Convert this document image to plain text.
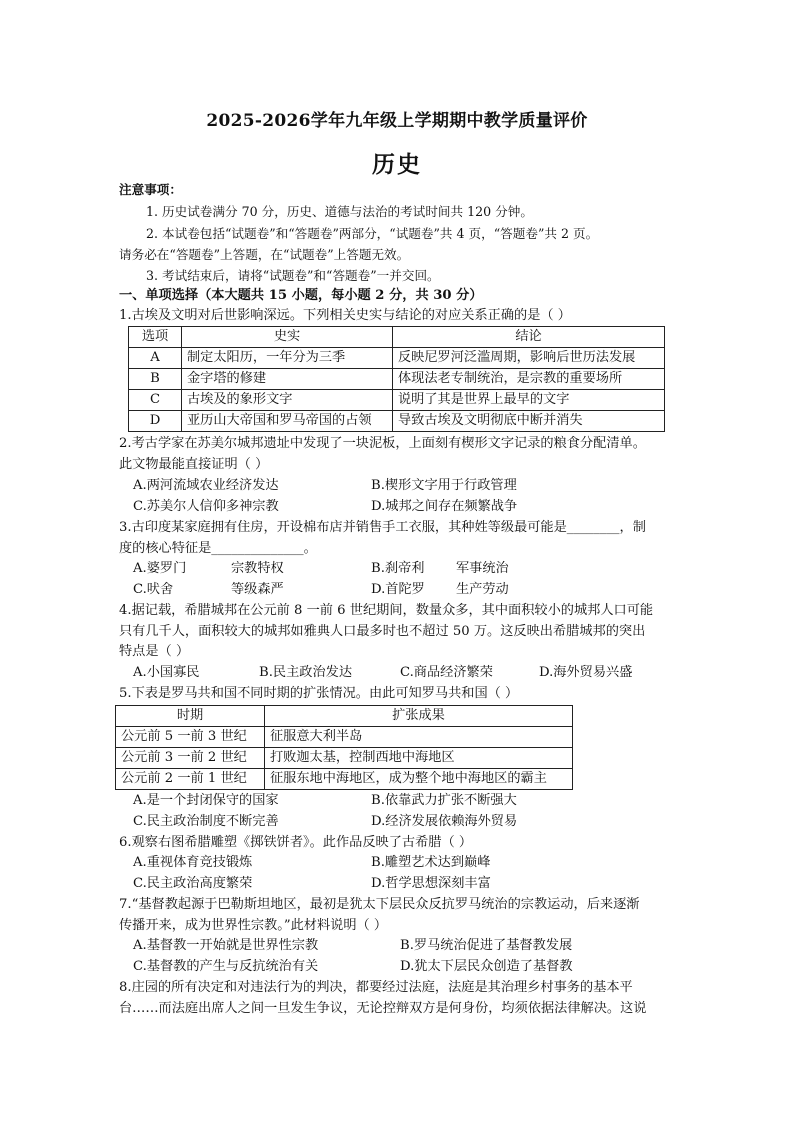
2025-2026学年九年级上学期期中教学质量评价
历史
注意事项：
1. 历史试卷满分 70 分，历史、道德与法治的考试时间共 120 分钟。
2. 本试卷包括“试题卷”和“答题卷”两部分，“试题卷”共 4 页，“答题卷”共 2 页。
请务必在“答题卷”上答题，在“试题卷”上答题无效。
3. 考试结束后，请将“试题卷”和“答题卷”一并交回。
一、单项选择（本大题共 15 小题，每小题 2 分，共 30 分）
1.古埃及文明对后世影响深远。下列相关史实与结论的对应关系正确的是（ ）
选项	史实	结论
A	制定太阳历，一年分为三季	反映尼罗河泛滥周期，影响后世历法发展
B	金字塔的修建	体现法老专制统治，是宗教的重要场所
C	古埃及的象形文字	说明了其是世界上最早的文字
D	亚历山大帝国和罗马帝国的占领	导致古埃及文明彻底中断并消失
2.考古学家在苏美尔城邦遗址中发现了一块泥板，上面刻有楔形文字记录的粮食分配清单。
此文物最能直接证明（ ）
A.两河流域农业经济发达	B.楔形文字用于行政管理
C.苏美尔人信仰多神宗教	D.城邦之间存在频繁战争
3.古印度某家庭拥有住房，开设棉布店并销售手工衣服，其种姓等级最可能是________，制
度的核心特征是______________。
A.婆罗门	宗教特权	B.刹帝利 军事统治
C.吠舍	等级森严	D.首陀罗 生产劳动
4.据记载，希腊城邦在公元前 8 一前 6 世纪期间，数量众多，其中面积较小的城邦人口可能
只有几千人，面积较大的城邦如雅典人口最多时也不超过 50 万。这反映出希腊城邦的突出
特点是（ ）
A.小国寡民	B.民主政治发达	C.商品经济繁荣	D.海外贸易兴盛
5.下表是罗马共和国不同时期的扩张情况。由此可知罗马共和国（ ）
时期	扩张成果
公元前 5 一前 3 世纪	征服意大利半岛
公元前 3 一前 2 世纪	打败迦太基，控制西地中海地区
公元前 2 一前 1 世纪	征服东地中海地区，成为整个地中海地区的霸主
A.是一个封闭保守的国家	B.依靠武力扩张不断强大
C.民主政治制度不断完善	D.经济发展依赖海外贸易
6.观察右图希腊雕塑《掷铁饼者》。此作品反映了古希腊（ ）
A.重视体育竞技锻炼	B.雕塑艺术达到巅峰
C.民主政治高度繁荣	D.哲学思想深刻丰富
7.“基督教起源于巴勒斯坦地区，最初是犹太下层民众反抗罗马统治的宗教运动，后来逐渐
传播开来，成为世界性宗教。”此材料说明（ ）
A.基督教一开始就是世界性宗教	B.罗马统治促进了基督教发展
C.基督教的产生与反抗统治有关	D.犹太下层民众创造了基督教
8.庄园的所有决定和对违法行为的判决，都要经过法庭，法庭是其治理乡村事务的基本平
台……而法庭出席人之间一旦发生争议，无论控辩双方是何身份，均须依据法律解决。这说
